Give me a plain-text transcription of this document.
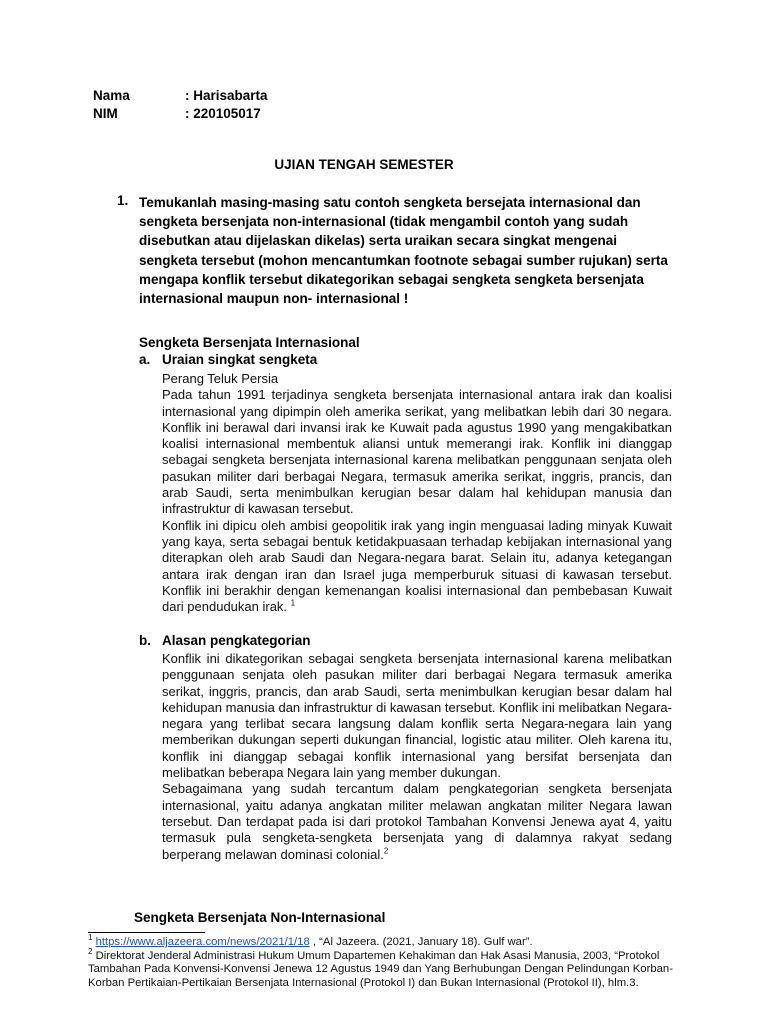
Nama	: Harisabarta
NIM	: 220105017
UJIAN TENGAH SEMESTER
1. Temukanlah masing-masing satu contoh sengketa bersejata internasional dan sengketa bersenjata non-internasional (tidak mengambil contoh yang sudah disebutkan atau dijelaskan dikelas) serta uraikan secara singkat mengenai sengketa tersebut (mohon mencantumkan footnote sebagai sumber rujukan) serta mengapa konflik tersebut dikategorikan sebagai sengketa sengketa bersenjata internasional maupun non- internasional !
Sengketa Bersenjata Internasional
a. Uraian singkat sengketa

Perang Teluk Persia

Pada tahun 1991 terjadinya sengketa bersenjata internasional antara irak dan koalisi internasional yang dipimpin oleh amerika serikat, yang melibatkan lebih dari 30 negara. Konflik ini berawal dari invansi irak ke Kuwait pada agustus 1990 yang mengakibatkan koalisi internasional membentuk aliansi untuk memerangi irak. Konflik ini dianggap sebagai sengketa bersenjata internasional karena melibatkan penggunaan senjata oleh pasukan militer dari berbagai Negara, termasuk amerika serikat, inggris, prancis, dan arab Saudi, serta menimbulkan kerugian besar dalam hal kehidupan manusia dan infrastruktur di kawasan tersebut.

Konflik ini dipicu oleh ambisi geopolitik irak yang ingin menguasai lading minyak Kuwait yang kaya, serta sebagai bentuk ketidakpuasaan terhadap kebijakan internasional yang diterapkan oleh arab Saudi dan Negara-negara barat. Selain itu, adanya ketegangan antara irak dengan iran dan Israel juga memperburuk situasi di kawasan tersebut. Konflik ini berakhir dengan kemenangan koalisi internasional dan pembebasan Kuwait dari pendudukan irak. $^1$

b. Alasan pengkategorian

Konflik ini dikategorikan sebagai sengketa bersenjata internasional karena melibatkan penggunaan senjata oleh pasukan militer dari berbagai Negara termasuk amerika serikat, inggris, prancis, dan arab Saudi, serta menimbulkan kerugian besar dalam hal kehidupan manusia dan infrastruktur di kawasan tersebut. Konflik ini melibatkan Negara-negara yang terlibat secara langsung dalam konflik serta Negara-negara lain yang memberikan dukungan seperti dukungan financial, logistic atau militer. Oleh karena itu, konflik ini dianggap sebagai konflik internasional yang bersifat bersenjata dan melibatkan beberapa Negara lain yang member dukungan.

Sebagaimana yang sudah tercantum dalam pengkategorian sengketa bersenjata internasional, yaitu adanya angkatan militer melawan angkatan militer Negara lawan tersebut. Dan terdapat pada isi dari protokol Tambahan Konvensi Jenewa ayat 4, yaitu termasuk pula sengketa-sengketa bersenjata yang di dalamnya rakyat sedang berperang melawan dominasi colonial.$^2$

Sengketa Bersenjata Non-Internasional

$^1$ https://www.aljazeera.com/news/2021/1/18 , “Al Jazeera. (2021, January 18). Gulf war”.

$^2$ Direktorat Jenderal Administrasi Hukum Umum Dapartemen Kehakiman dan Hak Asasi Manusia, 2003, “Protokol Tambahan Pada Konvensi-Konvensi Jenewa 12 Agustus 1949 dan Yang Berhubungan Dengan Pelindungan Korban-Korban Pertikaian-Pertikaian Bersenjata Internasional (Protokol I) dan Bukan Internasional (Protokol II), hlm.3.
